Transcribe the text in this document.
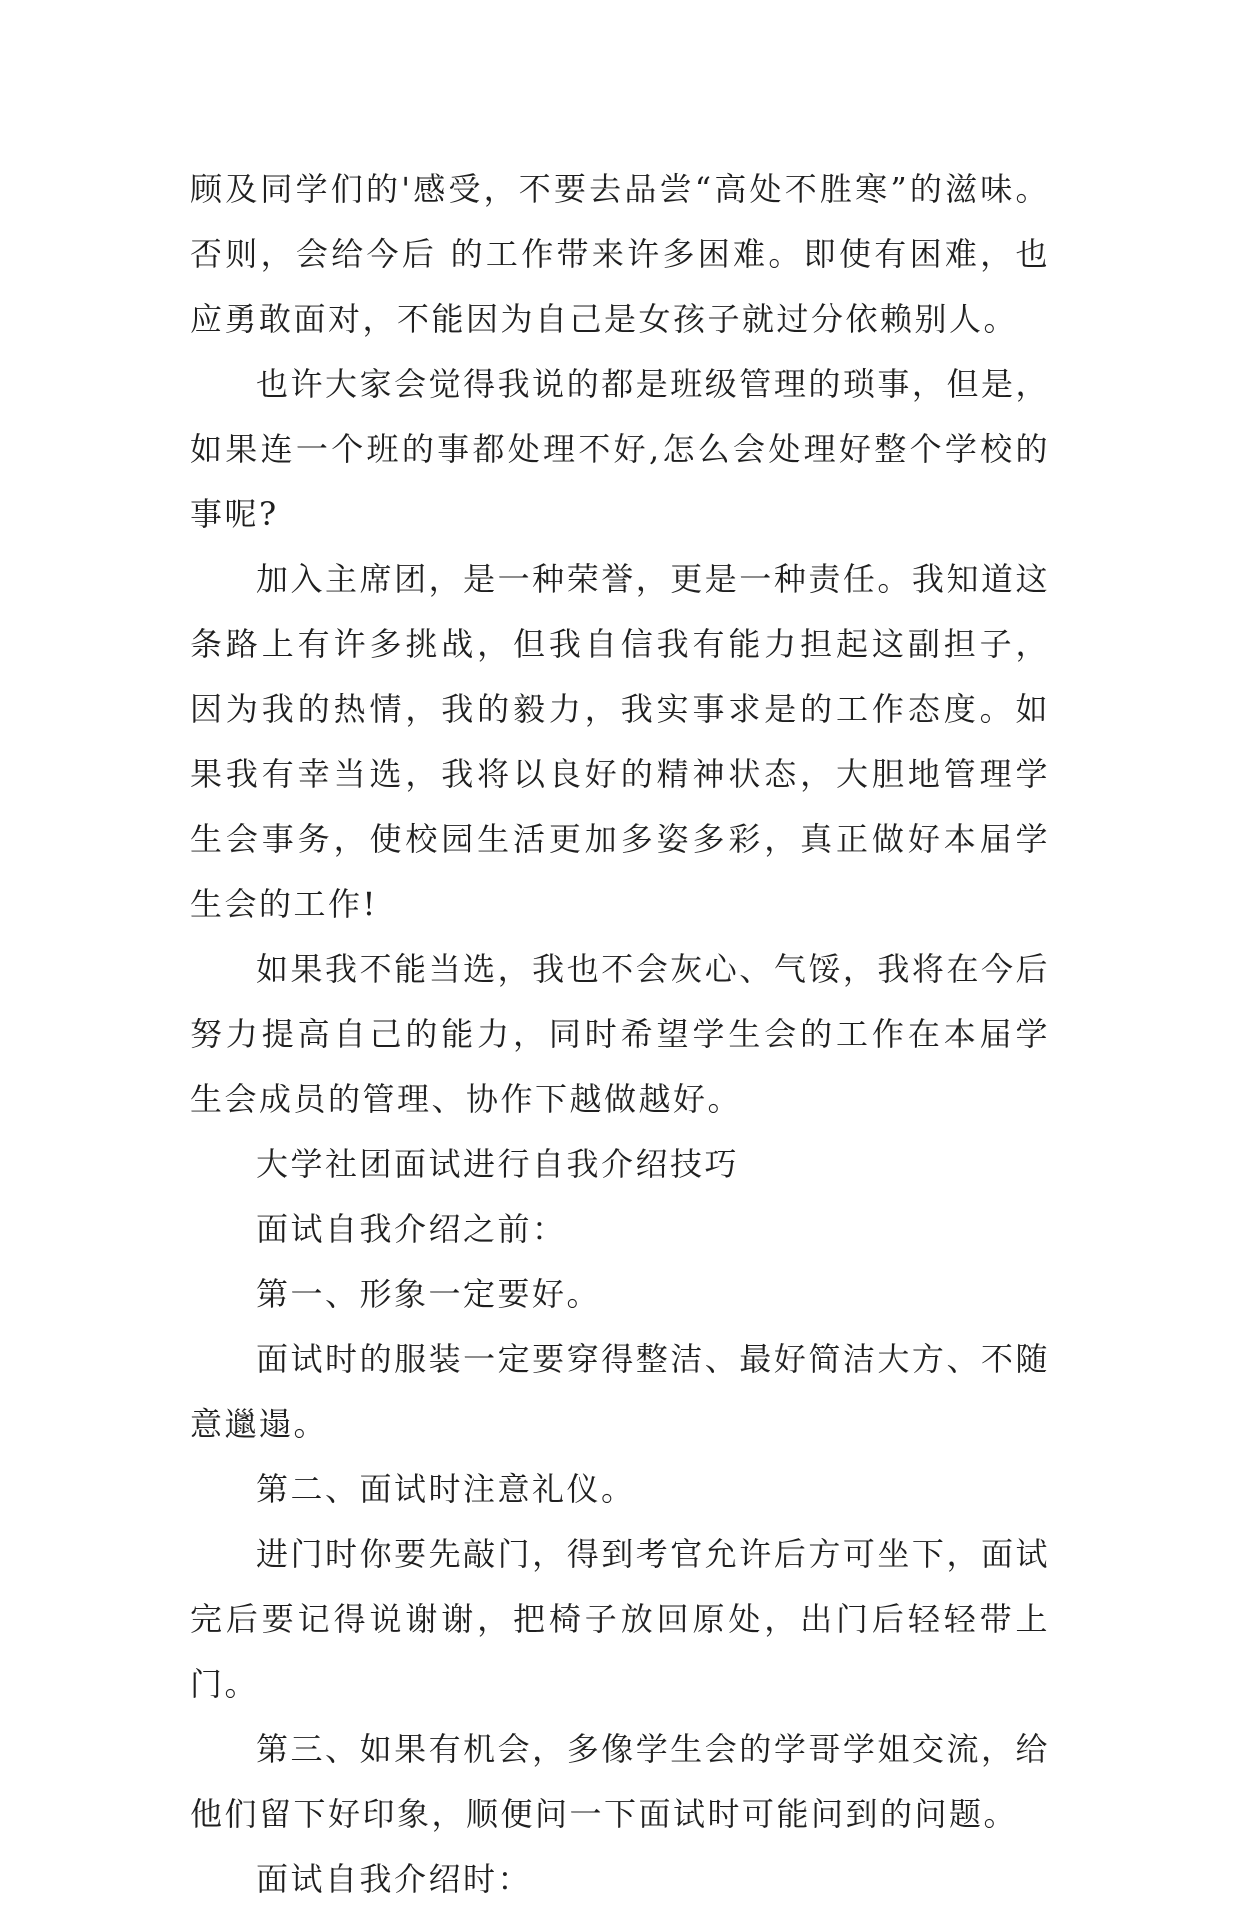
顾及同学们的'感受，不要去品尝“高处不胜寒”的滋味。否则，会给今后 的工作带来许多困难。即使有困难，也应勇敢面对，不能因为自己是女孩子就过分依赖别人。

也许大家会觉得我说的都是班级管理的琐事，但是，如果连一个班的事都处理不好,怎么会处理好整个学校的事呢?

加入主席团，是一种荣誉，更是一种责任。我知道这条路上有许多挑战，但我自信我有能力担起这副担子，因为我的热情，我的毅力，我实事求是的工作态度。如果我有幸当选，我将以良好的精神状态，大胆地管理学生会事务，使校园生活更加多姿多彩，真正做好本届学生会的工作!

如果我不能当选，我也不会灰心、气馁，我将在今后努力提高自己的能力，同时希望学生会的工作在本届学生会成员的管理、协作下越做越好。

大学社团面试进行自我介绍技巧

面试自我介绍之前：

第一、形象一定要好。

面试时的服装一定要穿得整洁、最好简洁大方、不随意邋遢。

第二、面试时注意礼仪。

进门时你要先敲门，得到考官允许后方可坐下，面试完后要记得说谢谢，把椅子放回原处，出门后轻轻带上门。

第三、如果有机会，多像学生会的学哥学姐交流，给他们留下好印象，顺便问一下面试时可能问到的问题。

面试自我介绍时：
